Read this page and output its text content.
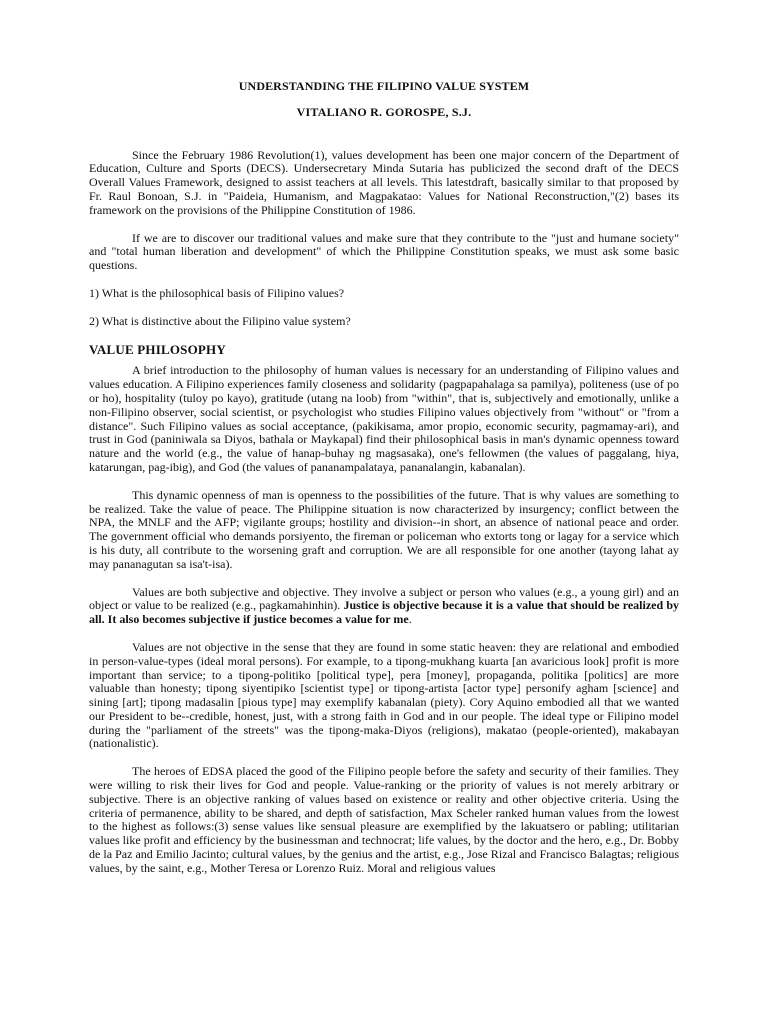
UNDERSTANDING THE FILIPINO VALUE SYSTEM
VITALIANO R. GOROSPE, S.J.

Since the February 1986 Revolution(1), values development has been one major concern of the Department of Education, Culture and Sports (DECS). Undersecretary Minda Sutaria has publicized the second draft of the DECS Overall Values Framework, designed to assist teachers at all levels. This latestdraft, basically similar to that proposed by Fr. Raul Bonoan, S.J. in "Paideia, Humanism, and Magpakatao: Values for National Reconstruction,"(2) bases its framework on the provisions of the Philippine Constitution of 1986.

If we are to discover our traditional values and make sure that they contribute to the "just and humane society" and "total human liberation and development" of which the Philippine Constitution speaks, we must ask some basic questions.

1) What is the philosophical basis of Filipino values?

2) What is distinctive about the Filipino value system?

VALUE PHILOSOPHY

A brief introduction to the philosophy of human values is necessary for an understanding of Filipino values and values education. A Filipino experiences family closeness and solidarity (pagpapahalaga sa pamilya), politeness (use of po or ho), hospitality (tuloy po kayo), gratitude (utang na loob) from "within", that is, subjectively and emotionally, unlike a non-Filipino observer, social scientist, or psychologist who studies Filipino values objectively from "without" or "from a distance". Such Filipino values as social acceptance, (pakikisama, amor propio, economic security, pagmamay-ari), and trust in God (paniniwala sa Diyos, bathala or Maykapal) find their philosophical basis in man's dynamic openness toward nature and the world (e.g., the value of hanap-buhay ng magsasaka), one's fellowmen (the values of paggalang, hiya, katarungan, pag-ibig), and God (the values of pananampalataya, pananalangin, kabanalan).

This dynamic openness of man is openness to the possibilities of the future. That is why values are something to be realized. Take the value of peace. The Philippine situation is now characterized by insurgency; conflict between the NPA, the MNLF and the AFP; vigilante groups; hostility and division--in short, an absence of national peace and order. The government official who demands porsiyento, the fireman or policeman who extorts tong or lagay for a service which is his duty, all contribute to the worsening graft and corruption. We are all responsible for one another (tayong lahat ay may pananagutan sa isa't-isa).

Values are both subjective and objective. They involve a subject or person who values (e.g., a young girl) and an object or value to be realized (e.g., pagkamahinhin). Justice is objective because it is a value that should be realized by all. It also becomes subjective if justice becomes a value for me.

Values are not objective in the sense that they are found in some static heaven: they are relational and embodied in person-value-types (ideal moral persons). For example, to a tipong-mukhang kuarta [an avaricious look] profit is more important than service; to a tipong-politiko [political type], pera [money], propaganda, politika [politics] are more valuable than honesty; tipong siyentipiko [scientist type] or tipong-artista [actor type] personify agham [science] and sining [art]; tipong madasalin [pious type] may exemplify kabanalan (piety). Cory Aquino embodied all that we wanted our President to be--credible, honest, just, with a strong faith in God and in our people. The ideal type or Filipino model during the "parliament of the streets" was the tipong-maka-Diyos (religions), makatao (people-oriented), makabayan (nationalistic).

The heroes of EDSA placed the good of the Filipino people before the safety and security of their families. They were willing to risk their lives for God and people. Value-ranking or the priority of values is not merely arbitrary or subjective. There is an objective ranking of values based on existence or reality and other objective criteria. Using the criteria of permanence, ability to be shared, and depth of satisfaction, Max Scheler ranked human values from the lowest to the highest as follows:(3) sense values like sensual pleasure are exemplified by the lakuatsero or pabling; utilitarian values like profit and efficiency by the businessman and technocrat; life values, by the doctor and the hero, e.g., Dr. Bobby de la Paz and Emilio Jacinto; cultural values, by the genius and the artist, e.g., Jose Rizal and Francisco Balagtas; religious values, by the saint, e.g., Mother Teresa or Lorenzo Ruiz. Moral and religious values
